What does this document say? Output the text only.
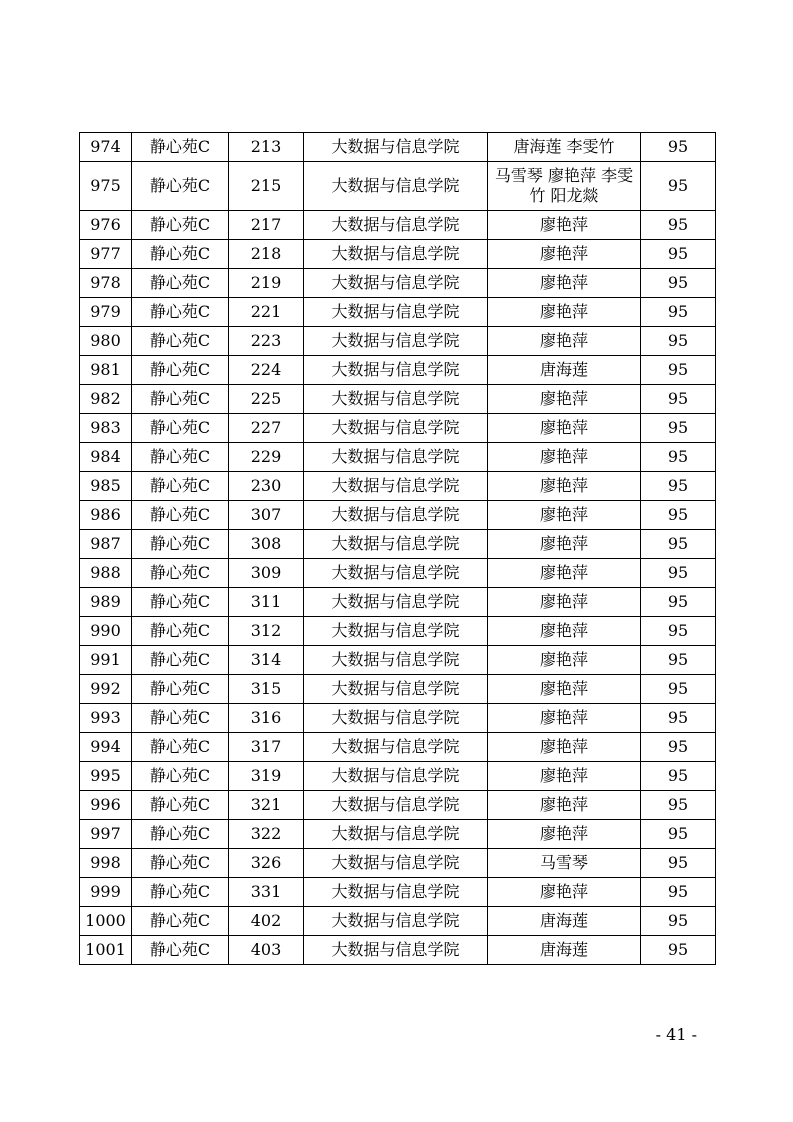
974	静心苑C	213	大数据与信息学院	唐海莲 李雯竹	95
975	静心苑C	215	大数据与信息学院	马雪琴 廖艳萍 李雯竹 阳龙燚	95
976	静心苑C	217	大数据与信息学院	廖艳萍	95
977	静心苑C	218	大数据与信息学院	廖艳萍	95
978	静心苑C	219	大数据与信息学院	廖艳萍	95
979	静心苑C	221	大数据与信息学院	廖艳萍	95
980	静心苑C	223	大数据与信息学院	廖艳萍	95
981	静心苑C	224	大数据与信息学院	唐海莲	95
982	静心苑C	225	大数据与信息学院	廖艳萍	95
983	静心苑C	227	大数据与信息学院	廖艳萍	95
984	静心苑C	229	大数据与信息学院	廖艳萍	95
985	静心苑C	230	大数据与信息学院	廖艳萍	95
986	静心苑C	307	大数据与信息学院	廖艳萍	95
987	静心苑C	308	大数据与信息学院	廖艳萍	95
988	静心苑C	309	大数据与信息学院	廖艳萍	95
989	静心苑C	311	大数据与信息学院	廖艳萍	95
990	静心苑C	312	大数据与信息学院	廖艳萍	95
991	静心苑C	314	大数据与信息学院	廖艳萍	95
992	静心苑C	315	大数据与信息学院	廖艳萍	95
993	静心苑C	316	大数据与信息学院	廖艳萍	95
994	静心苑C	317	大数据与信息学院	廖艳萍	95
995	静心苑C	319	大数据与信息学院	廖艳萍	95
996	静心苑C	321	大数据与信息学院	廖艳萍	95
997	静心苑C	322	大数据与信息学院	廖艳萍	95
998	静心苑C	326	大数据与信息学院	马雪琴	95
999	静心苑C	331	大数据与信息学院	廖艳萍	95
1000	静心苑C	402	大数据与信息学院	唐海莲	95
1001	静心苑C	403	大数据与信息学院	唐海莲	95
- 41 -
